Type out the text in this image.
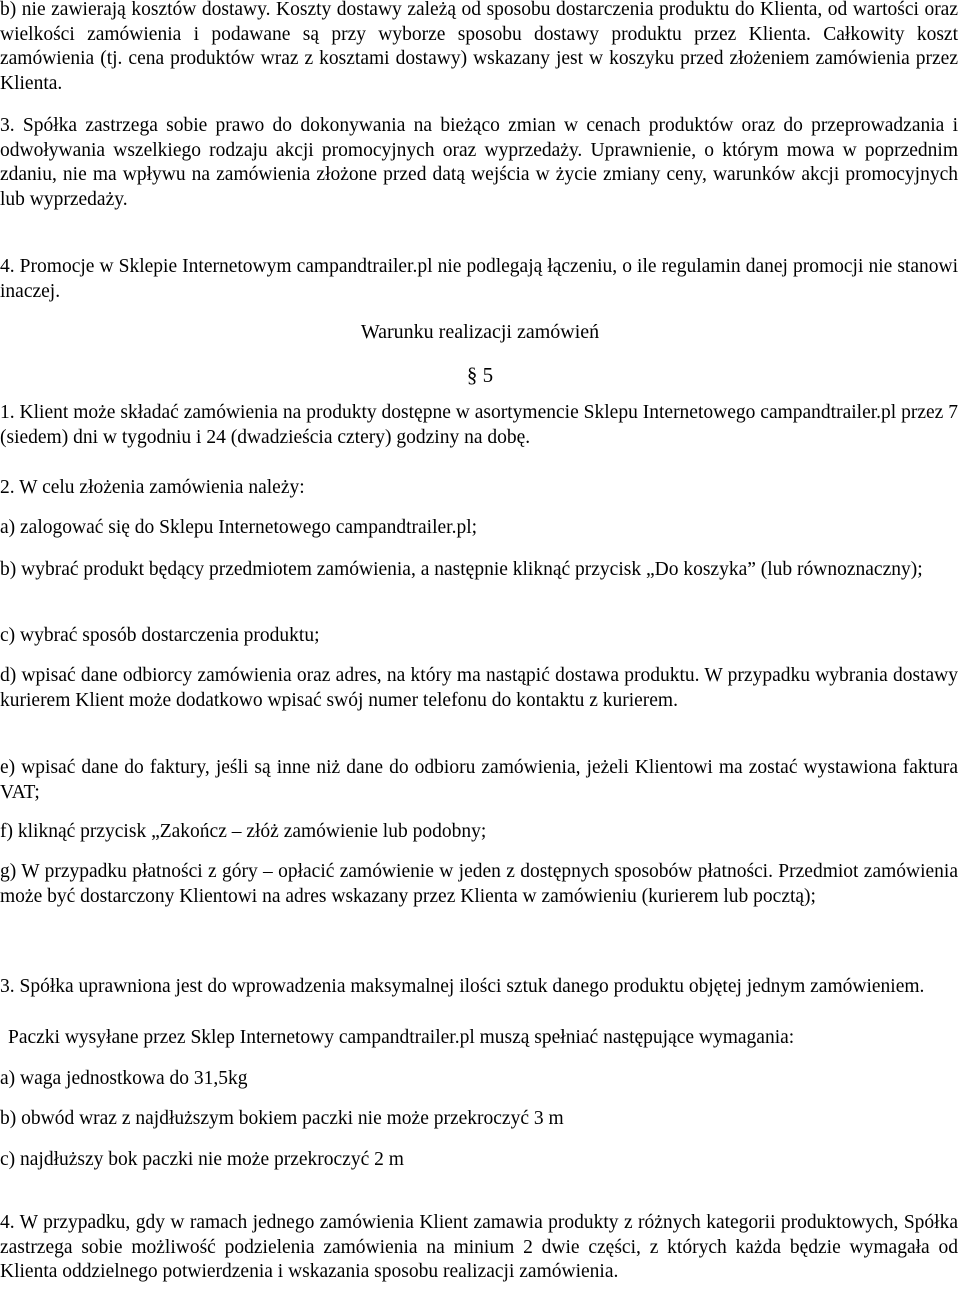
b) nie zawierają kosztów dostawy. Koszty dostawy zależą od sposobu dostarczenia produktu do Klienta, od wartości oraz wielkości zamówienia i podawane są przy wyborze sposobu dostawy produktu przez Klienta. Całkowity koszt zamówienia (tj. cena produktów wraz z kosztami dostawy) wskazany jest w koszyku przed złożeniem zamówienia przez Klienta.

3. Spółka zastrzega sobie prawo do dokonywania na bieżąco zmian w cenach produktów oraz do przeprowadzania i odwoływania wszelkiego rodzaju akcji promocyjnych oraz wyprzedaży. Uprawnienie, o którym mowa w poprzednim zdaniu, nie ma wpływu na zamówienia złożone przed datą wejścia w życie zmiany ceny, warunków akcji promocyjnych lub wyprzedaży.

4. Promocje w Sklepie Internetowym campandtrailer.pl nie podlegają łączeniu, o ile regulamin danej promocji nie stanowi inaczej.

Warunku realizacji zamówień

§ 5

1. Klient może składać zamówienia na produkty dostępne w asortymencie Sklepu Internetowego campandtrailer.pl przez 7 (siedem) dni w tygodniu i 24 (dwadzieścia cztery) godziny na dobę.

2. W celu złożenia zamówienia należy:

a) zalogować się do Sklepu Internetowego campandtrailer.pl;

b) wybrać produkt będący przedmiotem zamówienia, a następnie kliknąć przycisk „Do koszyka” (lub równoznaczny);

c) wybrać sposób dostarczenia produktu;

d) wpisać dane odbiorcy zamówienia oraz adres, na który ma nastąpić dostawa produktu. W przypadku wybrania dostawy kurierem Klient może dodatkowo wpisać swój numer telefonu do kontaktu z kurierem.

e) wpisać dane do faktury, jeśli są inne niż dane do odbioru zamówienia, jeżeli Klientowi ma zostać wystawiona faktura VAT;

f) kliknąć przycisk „Zakończ – złóż zamówienie lub podobny;

g) W przypadku płatności z góry – opłacić zamówienie w jeden z dostępnych sposobów płatności. Przedmiot zamówienia może być dostarczony Klientowi na adres wskazany przez Klienta w zamówieniu (kurierem lub pocztą);

3. Spółka uprawniona jest do wprowadzenia maksymalnej ilości sztuk danego produktu objętej jednym zamówieniem.

Paczki wysyłane przez Sklep Internetowy campandtrailer.pl muszą spełniać następujące wymagania:

a) waga jednostkowa do 31,5kg

b) obwód wraz z najdłuższym bokiem paczki nie może przekroczyć 3 m

c) najdłuższy bok paczki nie może przekroczyć 2 m

4. W przypadku, gdy w ramach jednego zamówienia Klient zamawia produkty z różnych kategorii produktowych, Spółka zastrzega sobie możliwość podzielenia zamówienia na minium 2 dwie części, z których każda będzie wymagała od Klienta oddzielnego potwierdzenia i wskazania sposobu realizacji zamówienia.
